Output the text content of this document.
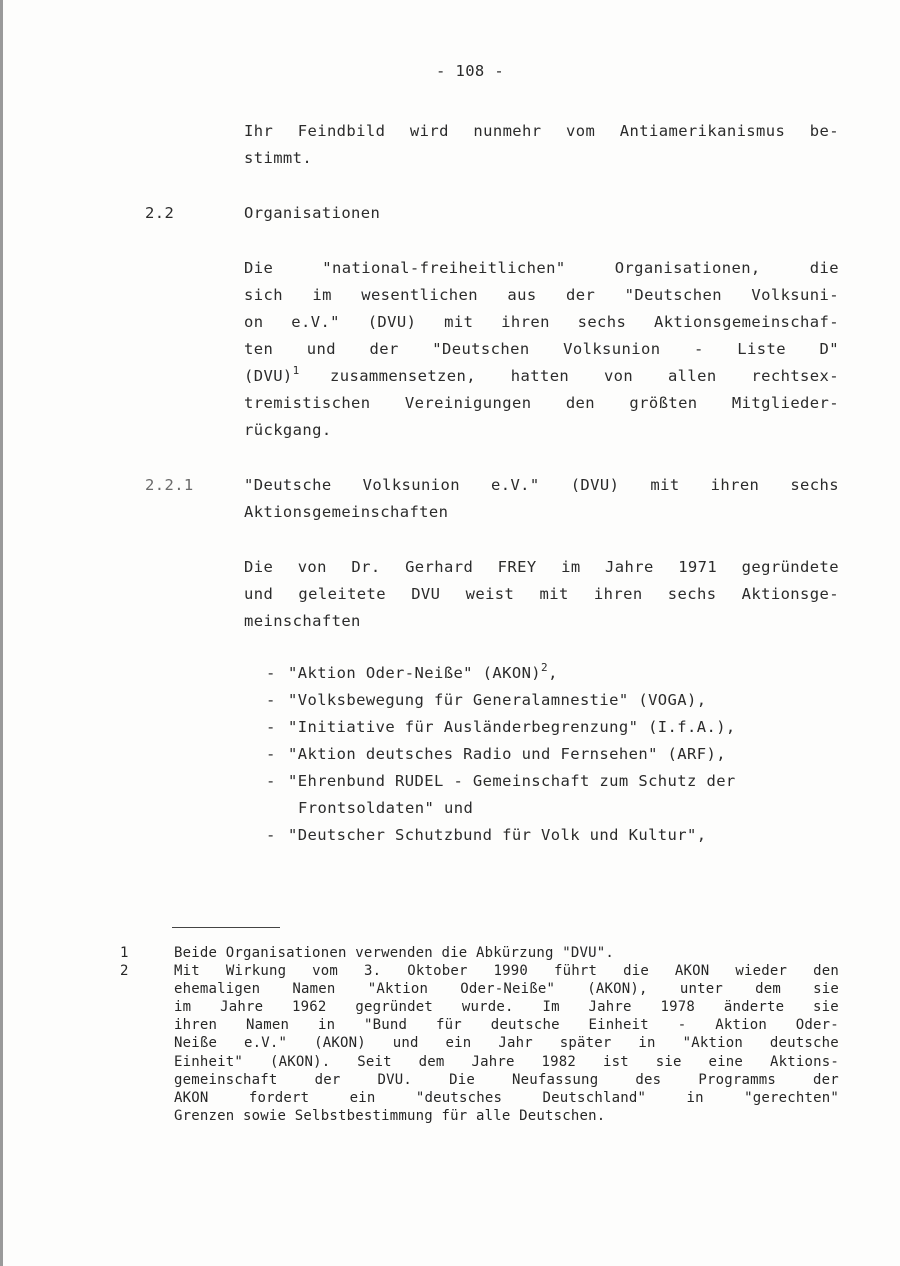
- 108 -
Ihr Feindbild wird nunmehr vom Antiamerikanismus be-
stimmt.
2.2	Organisationen
Die	"national-freiheitlichen"	Organisationen,	die
sich im wesentlichen aus der "Deutschen Volksuni-
on e.V." (DVU) mit ihren sechs Aktionsgemeinschaf-
ten und der "Deutschen Volksunion - Liste D"
(DVU)$^1$ zusammensetzen, hatten von allen rechtsex-
tremistischen Vereinigungen den größten Mitglieder-
rückgang.
2.2.1	"Deutsche Volksunion e.V." (DVU) mit ihren sechs
Aktionsgemeinschaften
Die von Dr. Gerhard FREY im Jahre 1971 gegründete
und geleitete DVU weist mit ihren sechs Aktionsge-
meinschaften
- "Aktion Oder-Neiße" (AKON)$^2$,
- "Volksbewegung für Generalamnestie" (VOGA),
- "Initiative für Ausländerbegrenzung" (I.f.A.),
- "Aktion deutsches Radio und Fernsehen" (ARF),
- "Ehrenbund RUDEL - Gemeinschaft zum Schutz der
Frontsoldaten" und
- "Deutscher Schutzbund für Volk und Kultur",
1	Beide Organisationen verwenden die Abkürzung "DVU".
2	Mit Wirkung vom 3. Oktober 1990 führt die AKON wieder den
ehemaligen Namen "Aktion Oder-Neiße" (AKON), unter dem sie
im Jahre 1962 gegründet wurde. Im Jahre 1978 änderte sie
ihren Namen in "Bund für deutsche Einheit - Aktion Oder-
Neiße e.V." (AKON) und ein Jahr später in "Aktion deutsche
Einheit" (AKON). Seit dem Jahre 1982 ist sie eine Aktions-
gemeinschaft	der	DVU.	Die	Neufassung	des	Programms	der
AKON	fordert	ein	"deutsches	Deutschland"	in	"gerechten"
Grenzen sowie Selbstbestimmung für alle Deutschen.
